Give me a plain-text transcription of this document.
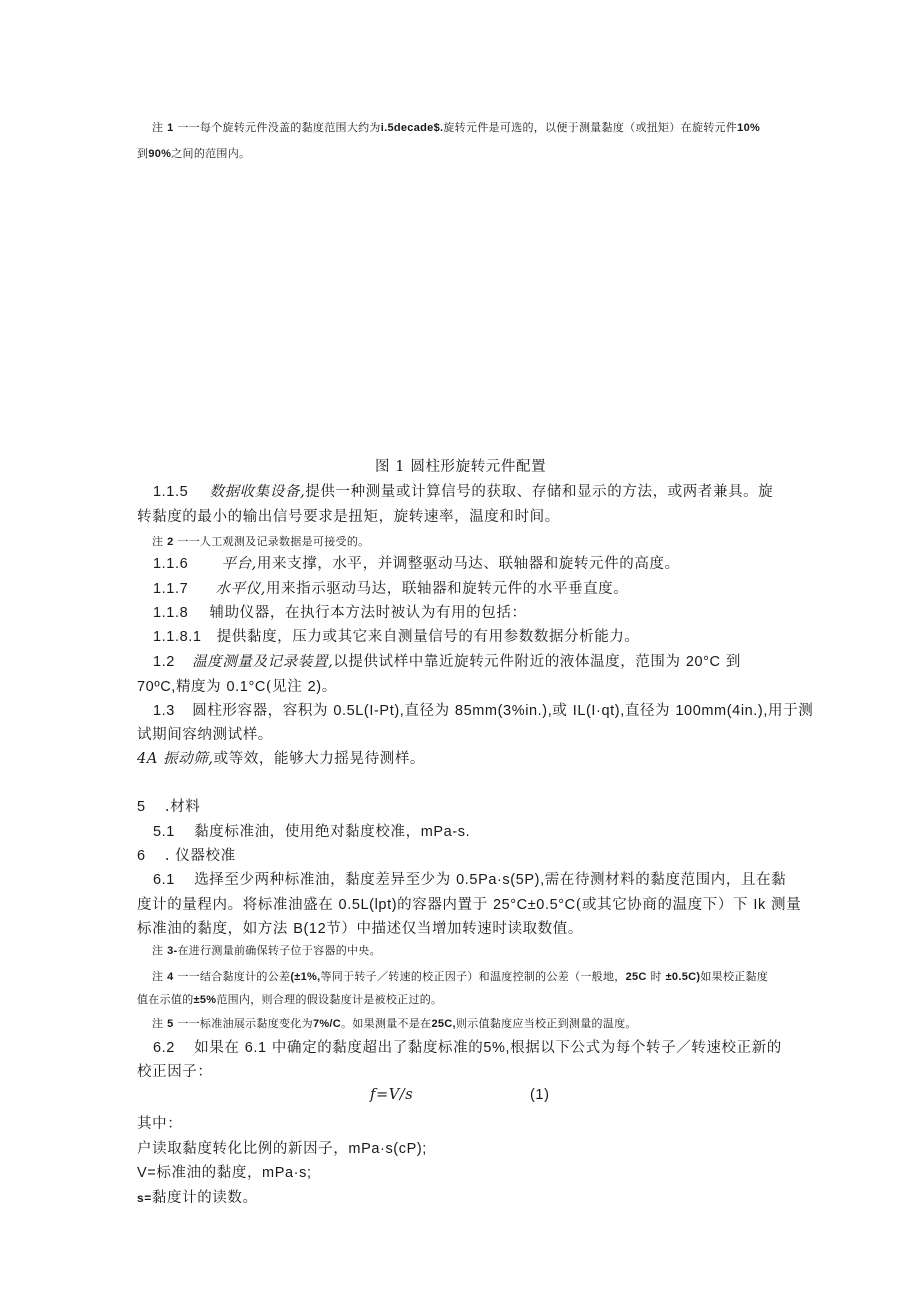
注 1 一一每个旋转元件没盖的黏度范围大约为i.5decade$.旋转元件是可选的，以便于测量黏度（或扭矩）在旋转元件10%
到90%之间的范围内。
图 1 圆柱形旋转元件配置
1.1.5 数据收集设备,提供一种测量或计算信号的获取、存储和显示的方法，或两者兼具。旋
转黏度的最小的输出信号要求是扭矩，旋转速率，温度和时间。
注 2 一一人工观测及记录数据是可接受的。
1.1.6 平台,用来支撑，水平，并调整驱动马达、联轴器和旋转元件的高度。
1.1.7 水平仪,用来指示驱动马达，联轴器和旋转元件的水平垂直度。
1.1.8 辅助仪器，在执行本方法时被认为有用的包括：
1.1.8.1 提供黏度，压力或其它来自测量信号的有用参数数据分析能力。
1.2 温度测量及记录装置,以提供试样中靠近旋转元件附近的液体温度，范围为 20°C 到
70ºC,精度为 0.1°C(见注 2)。
1.3 圆柱形容器，容积为 0.5L(I-Pt),直径为 85mm(3%in.),或 IL(I·qt),直径为 100mm(4in.),用于测
试期间容纳测试样。
4A 振动筛,或等效，能够大力摇晃待测样。
5 .材料
5.1 黏度标准油，使用绝对黏度校准，mPa-s.
6 . 仪器校准
6.1 选择至少两种标准油，黏度差异至少为 0.5Pa·s(5P),需在待测材料的黏度范围内，且在黏
度计的量程内。将标准油盛在 0.5L(lpt)的容器内置于 25°C±0.5°C(或其它协商的温度下）下 Ik 测量
标准油的黏度，如方法 B(12节）中描述仅当增加转速时读取数值。
注 3-在进行测量前确保转子位于容器的中央。
注 4 一一结合黏度计的公差(±1%,等同于转子／转速的校正因子）和温度控制的公差（一般地，25C 时 ±0.5C)如果校正黏度
值在示值的±5%范围内，则合理的假设黏度计是被校正过的。
注 5 一一标准油展示黏度变化为7%/C。如果测量不是在25C,则示值黏度应当校正到测量的温度。
6.2 如果在 6.1 中确定的黏度超出了黏度标准的5%,根据以下公式为每个转子／转速校正新的
校正因子：
f=V/s	(1)
其中：
户读取黏度转化比例的新因子，mPa·s(cP);
V=标准油的黏度，mPa·s;
s=黏度计的读数。
